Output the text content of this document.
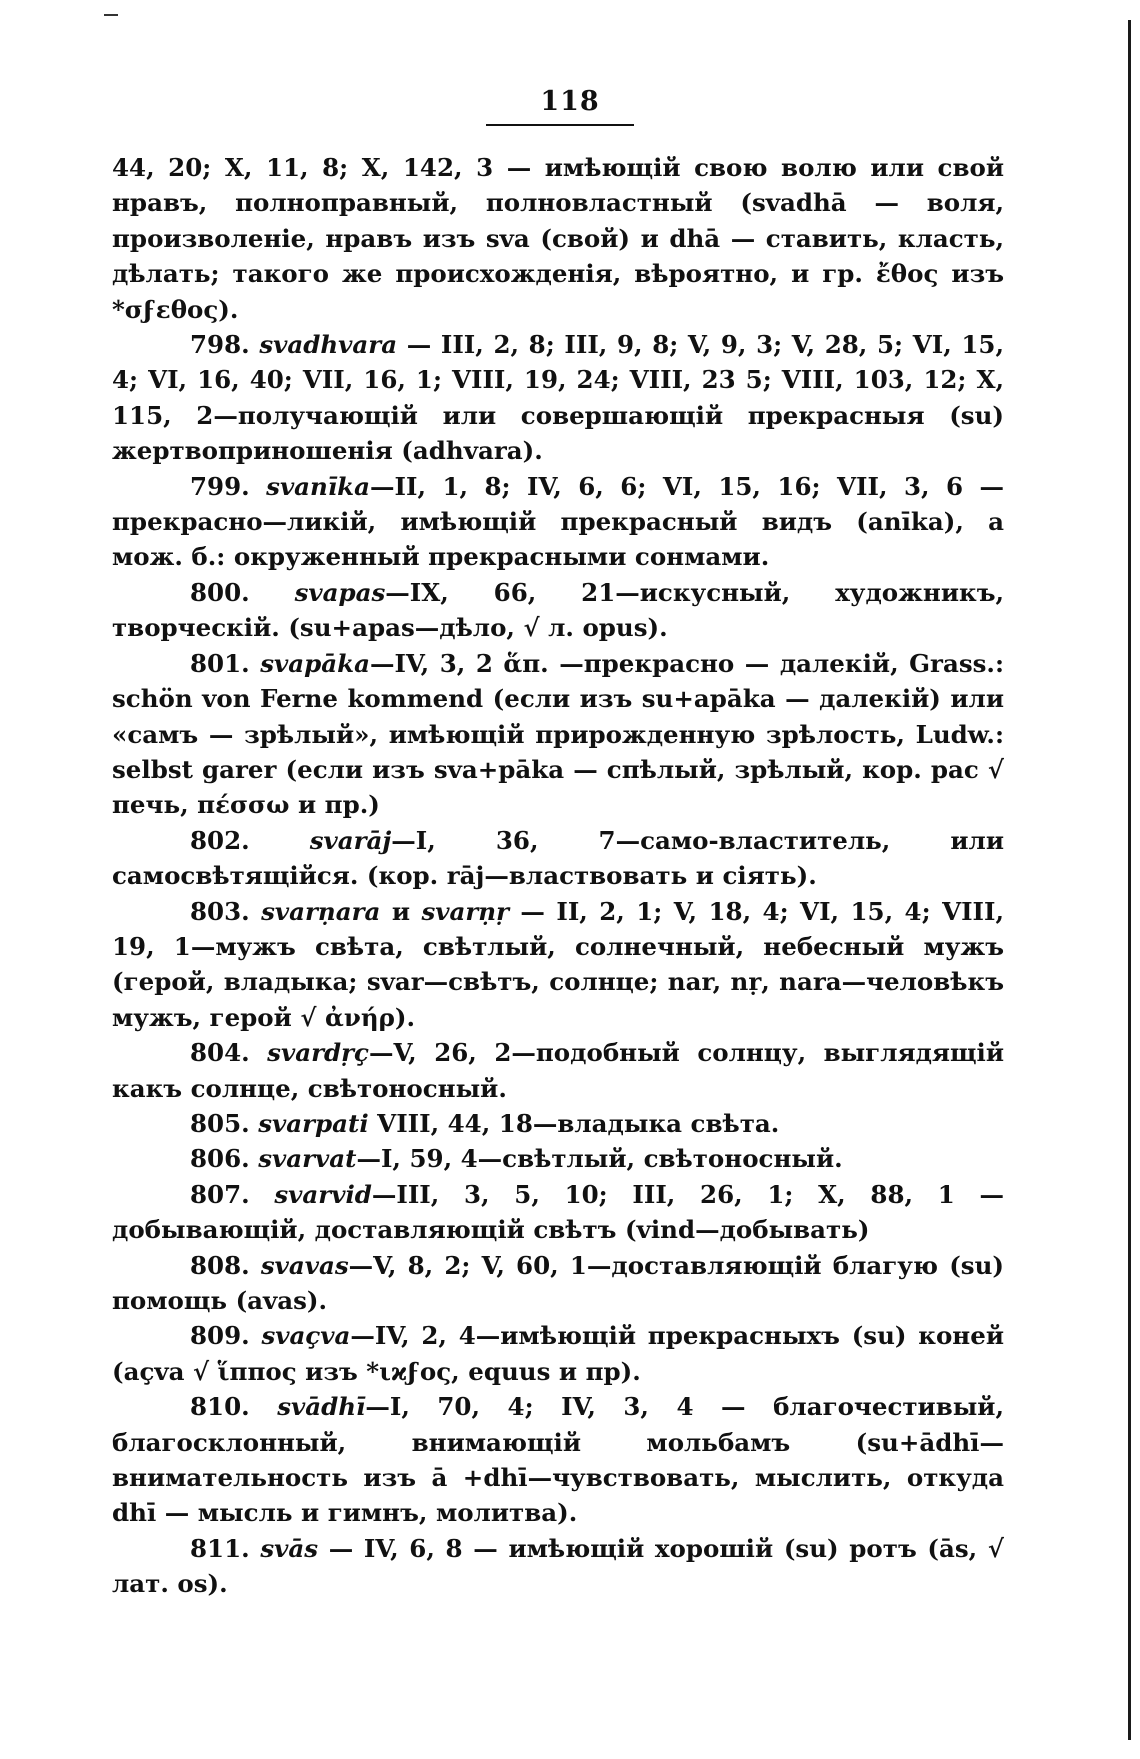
118

44, 20; X, 11, 8; X, 142, 3 — имѣющій свою волю или свой нравъ, полноправный, полновластный (svadhā — воля, произволеніе, нравъ изъ sva (свой) и dhā — ставить, класть, дѣлать; такого же происхожденія, вѣроятно, и гр. ἔθος изъ *σϝεθος).

798. svadhvara — III, 2, 8; III, 9, 8; V, 9, 3; V, 28, 5; VI, 15, 4; VI, 16, 40; VII, 16, 1; VIII, 19, 24; VIII, 23 5; VIII, 103, 12; X, 115, 2—получающій или совершающій прекрасныя (su) жертвоприношенія (adhvara).

799. svanīka—II, 1, 8; IV, 6, 6; VI, 15, 16; VII, 3, 6 — прекрасно—ликій, имѣющій прекрасный видъ (anīka), а мож. б.: окруженный прекрасными сонмами.

800. svapas—IX, 66, 21—искусный, художникъ, творческій. (su+apas—дѣло, √ л. opus).

801. svapāka—IV, 3, 2 ἅπ. —прекрасно — далекій, Grass.: schön von Ferne kommend (если изъ su+apāka — далекій) или «самъ — зрѣлый», имѣющій прирожденную зрѣлость, Ludw.: selbst garer (если изъ sva+pāka — спѣлый, зрѣлый, кор. pac √ печь, πέσσω и пр.)

802. svarāj—I, 36, 7—само-властитель, или самосвѣтящійся. (кор. rāj—властвовать и сіять).

803. svarṇara и svarṇṛ — II, 2, 1; V, 18, 4; VI, 15, 4; VIII, 19, 1—мужъ свѣта, свѣтлый, солнечный, небесный мужъ (герой, владыка; svar—свѣтъ, солнце; nar, nṛ, nara—человѣкъ мужъ, герой √ ἀνήρ).

804. svardṛç—V, 26, 2—подобный солнцу, выглядящій какъ солнце, свѣтоносный.

805. svarpati VIII, 44, 18—владыка свѣта.

806. svarvat—I, 59, 4—свѣтлый, свѣтоносный.

807. svarvid—III, 3, 5, 10; III, 26, 1; X, 88, 1 — добывающій, доставляющій свѣтъ (vind—добывать)

808. svavas—V, 8, 2; V, 60, 1—доставляющій благую (su) помощь (avas).

809. svaçva—IV, 2, 4—имѣющій прекрасныхъ (su) коней (açva √ ἵππος изъ *ιϰϝος, equus и пр).

810. svādhī—I, 70, 4; IV, 3, 4 — благочестивый, благосклонный, внимающій мольбамъ (su+ādhī—внимательность изъ ā +dhī—чувствовать, мыслить, откуда dhī — мысль и гимнъ, молитва).

811. svās — IV, 6, 8 — имѣющій хорошій (su) ротъ (ās, √ лат. os).
